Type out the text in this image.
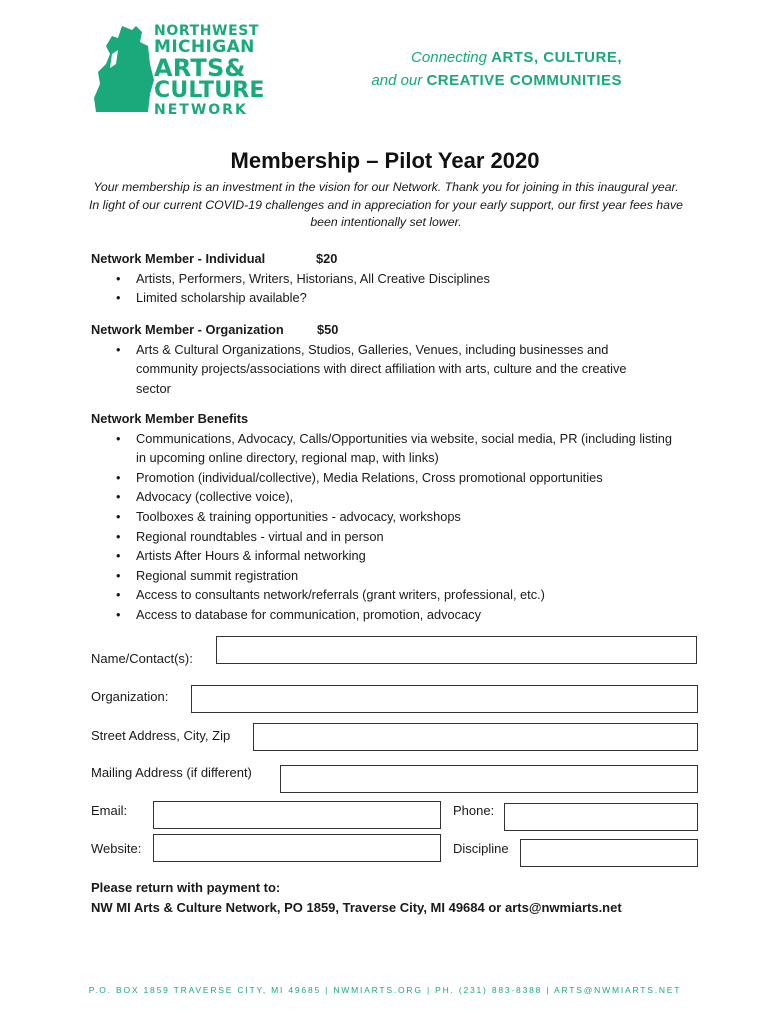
NORTHWEST
MICHIGAN
ARTS&
CULTURE
NETWORK
Connecting ARTS, CULTURE,
and our CREATIVE COMMUNITIES
Membership – Pilot Year 2020
Your membership is an investment in the vision for our Network. Thank you for joining in this inaugural year. In light of our current COVID-19 challenges and in appreciation for your early support, our first year fees have been intentionally set lower.
Network Member - Individual	$20
• Artists, Performers, Writers, Historians, All Creative Disciplines
• Limited scholarship available?
Network Member - Organization	$50
• Arts & Cultural Organizations, Studios, Galleries, Venues, including businesses and community projects/associations with direct affiliation with arts, culture and the creative sector
Network Member Benefits
• Communications, Advocacy, Calls/Opportunities via website, social media, PR (including listing in upcoming online directory, regional map, with links)
• Promotion (individual/collective), Media Relations, Cross promotional opportunities
• Advocacy (collective voice),
• Toolboxes & training opportunities - advocacy, workshops
• Regional roundtables - virtual and in person
• Artists After Hours & informal networking
• Regional summit registration
• Access to consultants network/referrals (grant writers, professional, etc.)
• Access to database for communication, promotion, advocacy
Name/Contact(s):
Organization:
Street Address, City, Zip
Mailing Address (if different)
Email:	Phone:
Website:	Discipline
Please return with payment to:
NW MI Arts & Culture Network, PO 1859, Traverse City, MI 49684 or arts@nwmiarts.net
P.O. BOX 1859 TRAVERSE CITY, MI 49685 | NWMIARTS.ORG | PH. (231) 883-8388 | ARTS@NWMIARTS.NET
